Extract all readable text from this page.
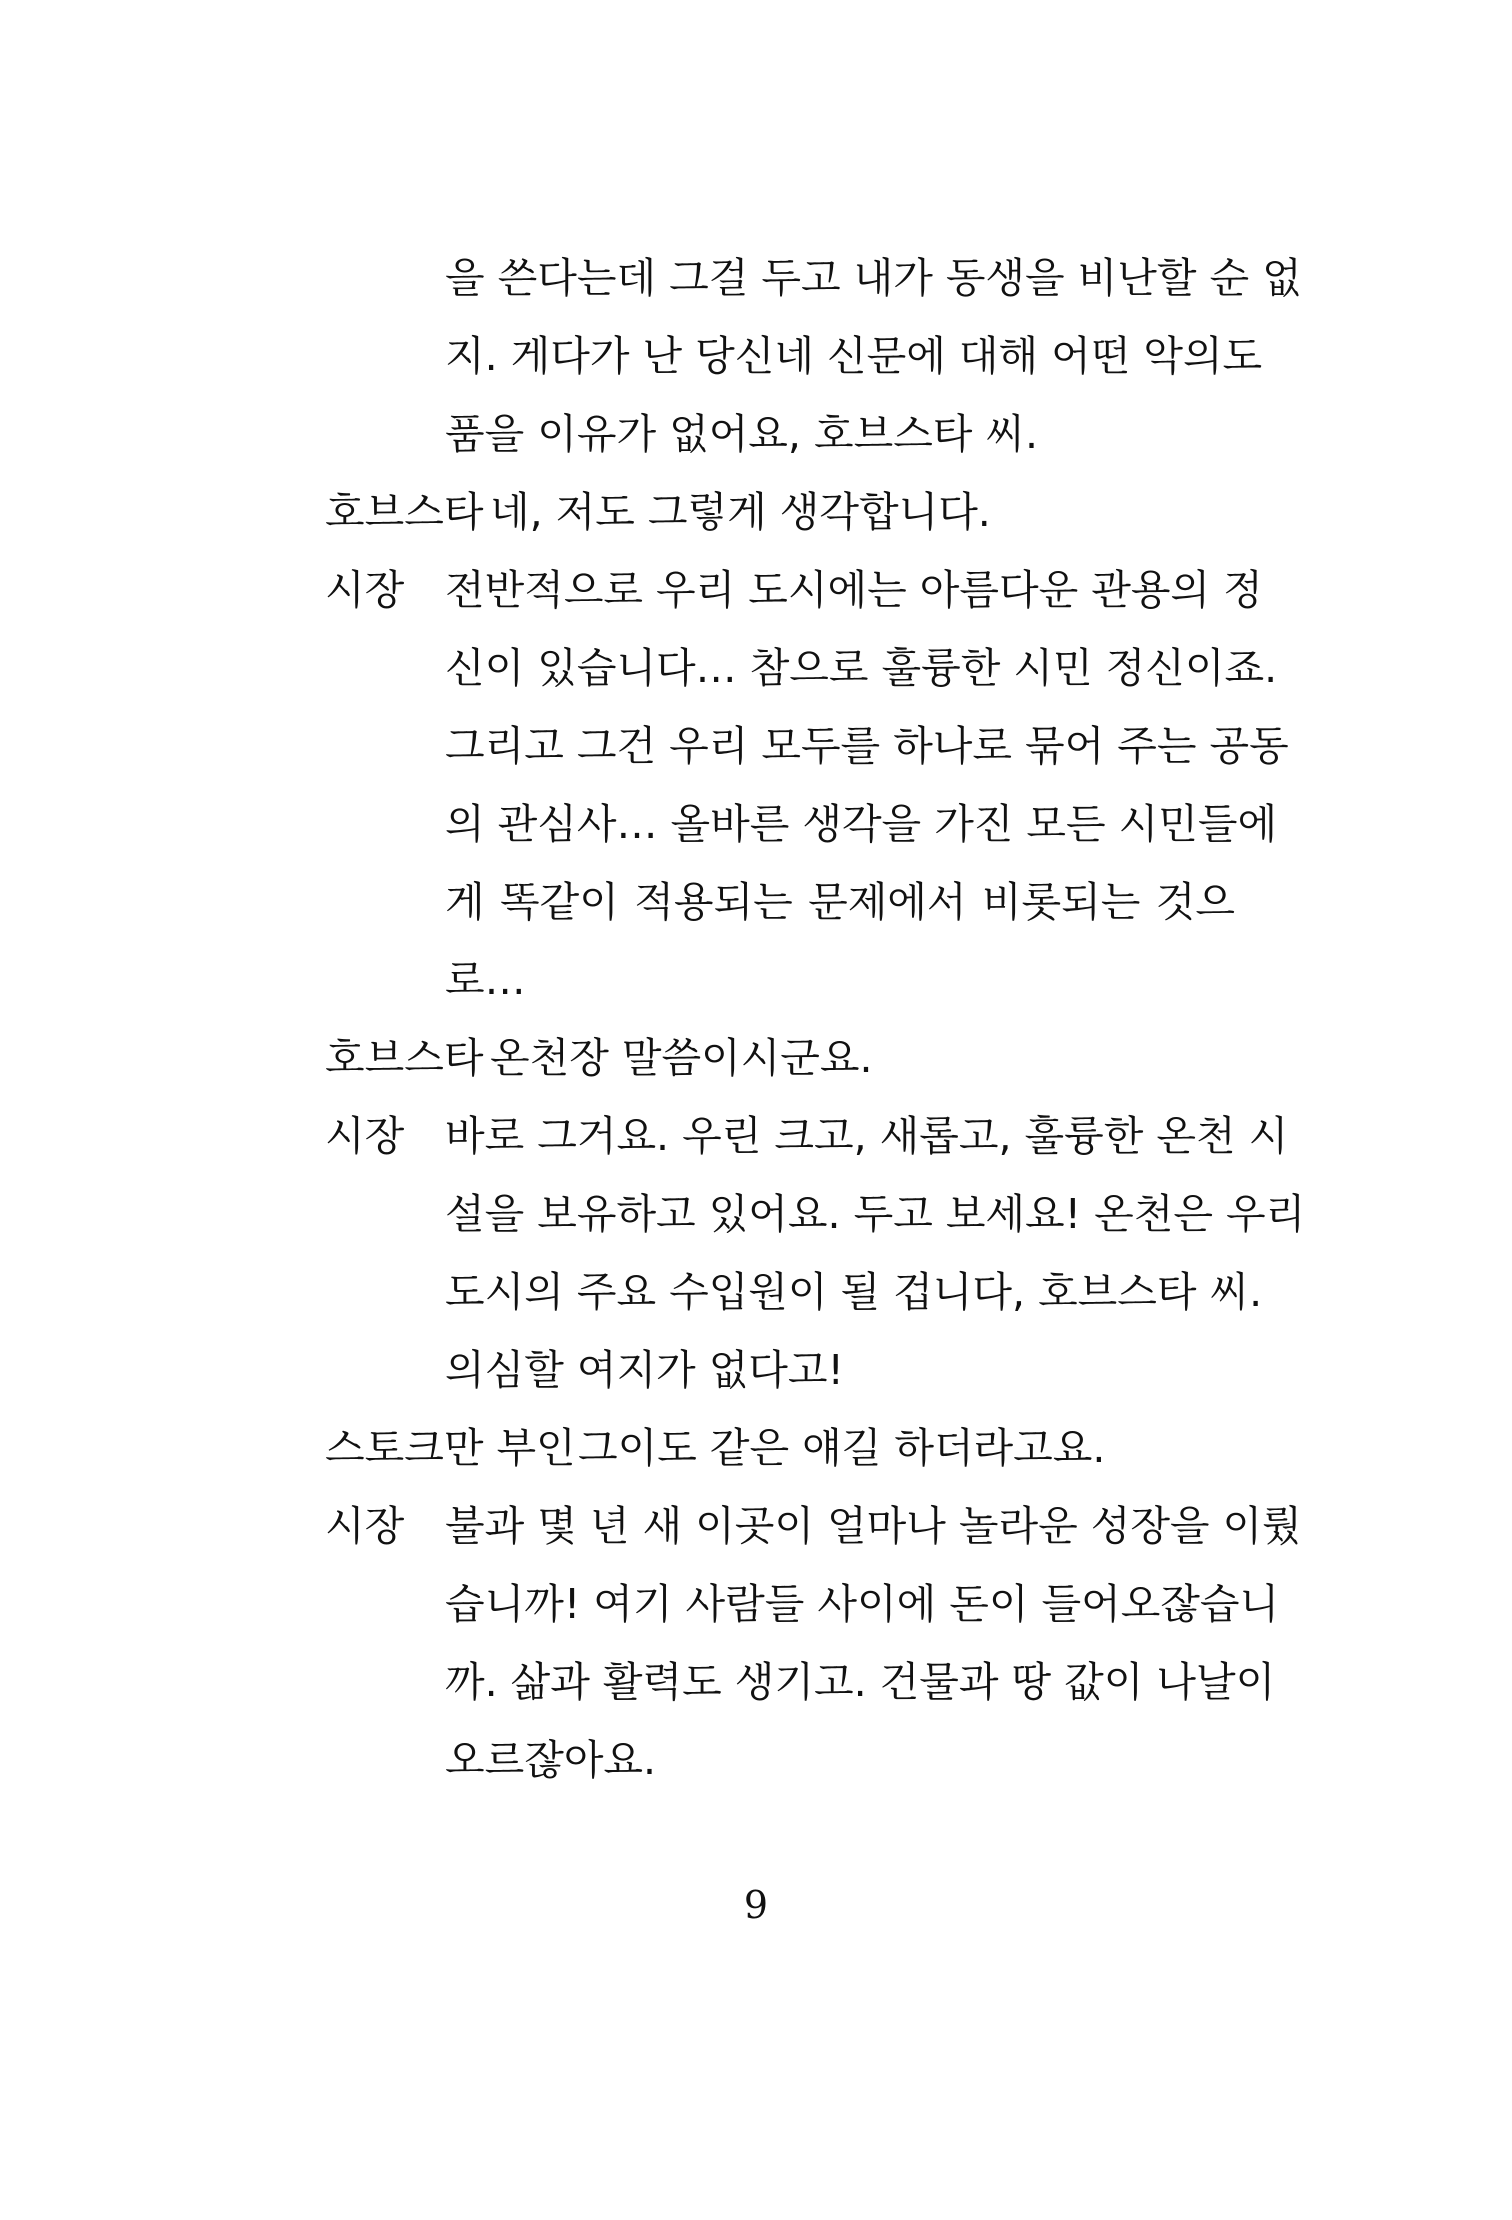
을 쓴다는데 그걸 두고 내가 동생을 비난할 순 없
지. 게다가 난 당신네 신문에 대해 어떤 악의도
품을 이유가 없어요, 호브스타 씨.
호브스타 네, 저도 그렇게 생각합니다.
시장 전반적으로 우리 도시에는 아름다운 관용의 정
신이 있습니다… 참으로 훌륭한 시민 정신이죠.
그리고 그건 우리 모두를 하나로 묶어 주는 공동
의 관심사… 올바른 생각을 가진 모든 시민들에
게 똑같이 적용되는 문제에서 비롯되는 것으
로…
호브스타 온천장 말씀이시군요.
시장 바로 그거요. 우린 크고, 새롭고, 훌륭한 온천 시
설을 보유하고 있어요. 두고 보세요! 온천은 우리
도시의 주요 수입원이 될 겁니다, 호브스타 씨.
의심할 여지가 없다고!
스토크만 부인 그이도 같은 얘길 하더라고요.
시장 불과 몇 년 새 이곳이 얼마나 놀라운 성장을 이뤘
습니까! 여기 사람들 사이에 돈이 들어오잖습니
까. 삶과 활력도 생기고. 건물과 땅 값이 나날이
오르잖아요.
9
